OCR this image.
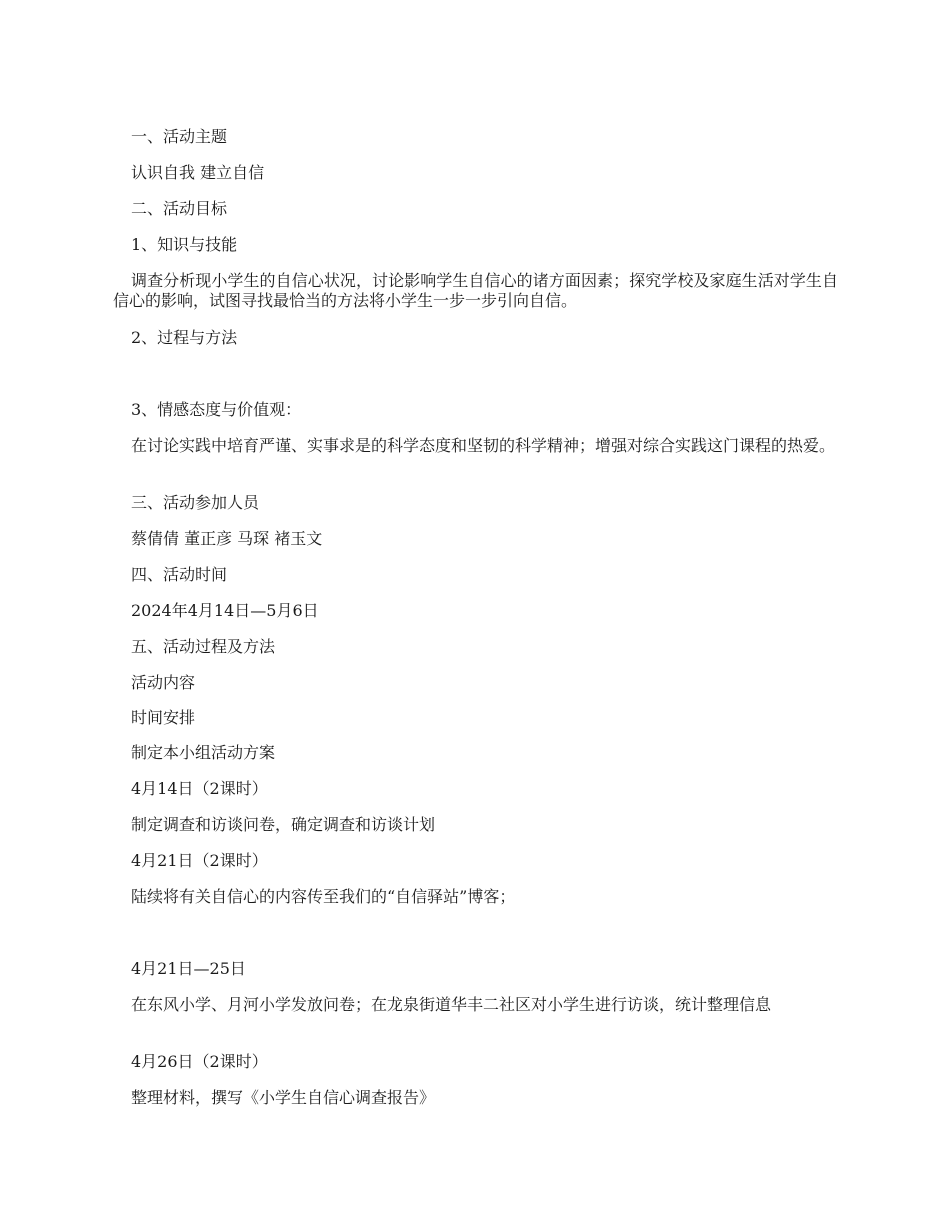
一、活动主题
认识自我 建立自信
二、活动目标
1、知识与技能
调查分析现小学生的自信心状况，讨论影响学生自信心的诸方面因素；探究学校及家庭生活对学生自信心的影响，试图寻找最恰当的方法将小学生一步一步引向自信。
2、过程与方法
3、情感态度与价值观：
在讨论实践中培育严谨、实事求是的科学态度和坚韧的科学精神；增强对综合实践这门课程的热爱。
三、活动参加人员
蔡倩倩 董正彦 马琛 褚玉文
四、活动时间
2024年4月14日—5月6日
五、活动过程及方法
活动内容
时间安排
制定本小组活动方案
4月14日（2课时）
制定调查和访谈问卷，确定调查和访谈计划
4月21日（2课时）
陆续将有关自信心的内容传至我们的“自信驿站”博客；
4月21日—25日
在东风小学、月河小学发放问卷；在龙泉街道华丰二社区对小学生进行访谈，统计整理信息
4月26日（2课时）
整理材料，撰写《小学生自信心调查报告》
